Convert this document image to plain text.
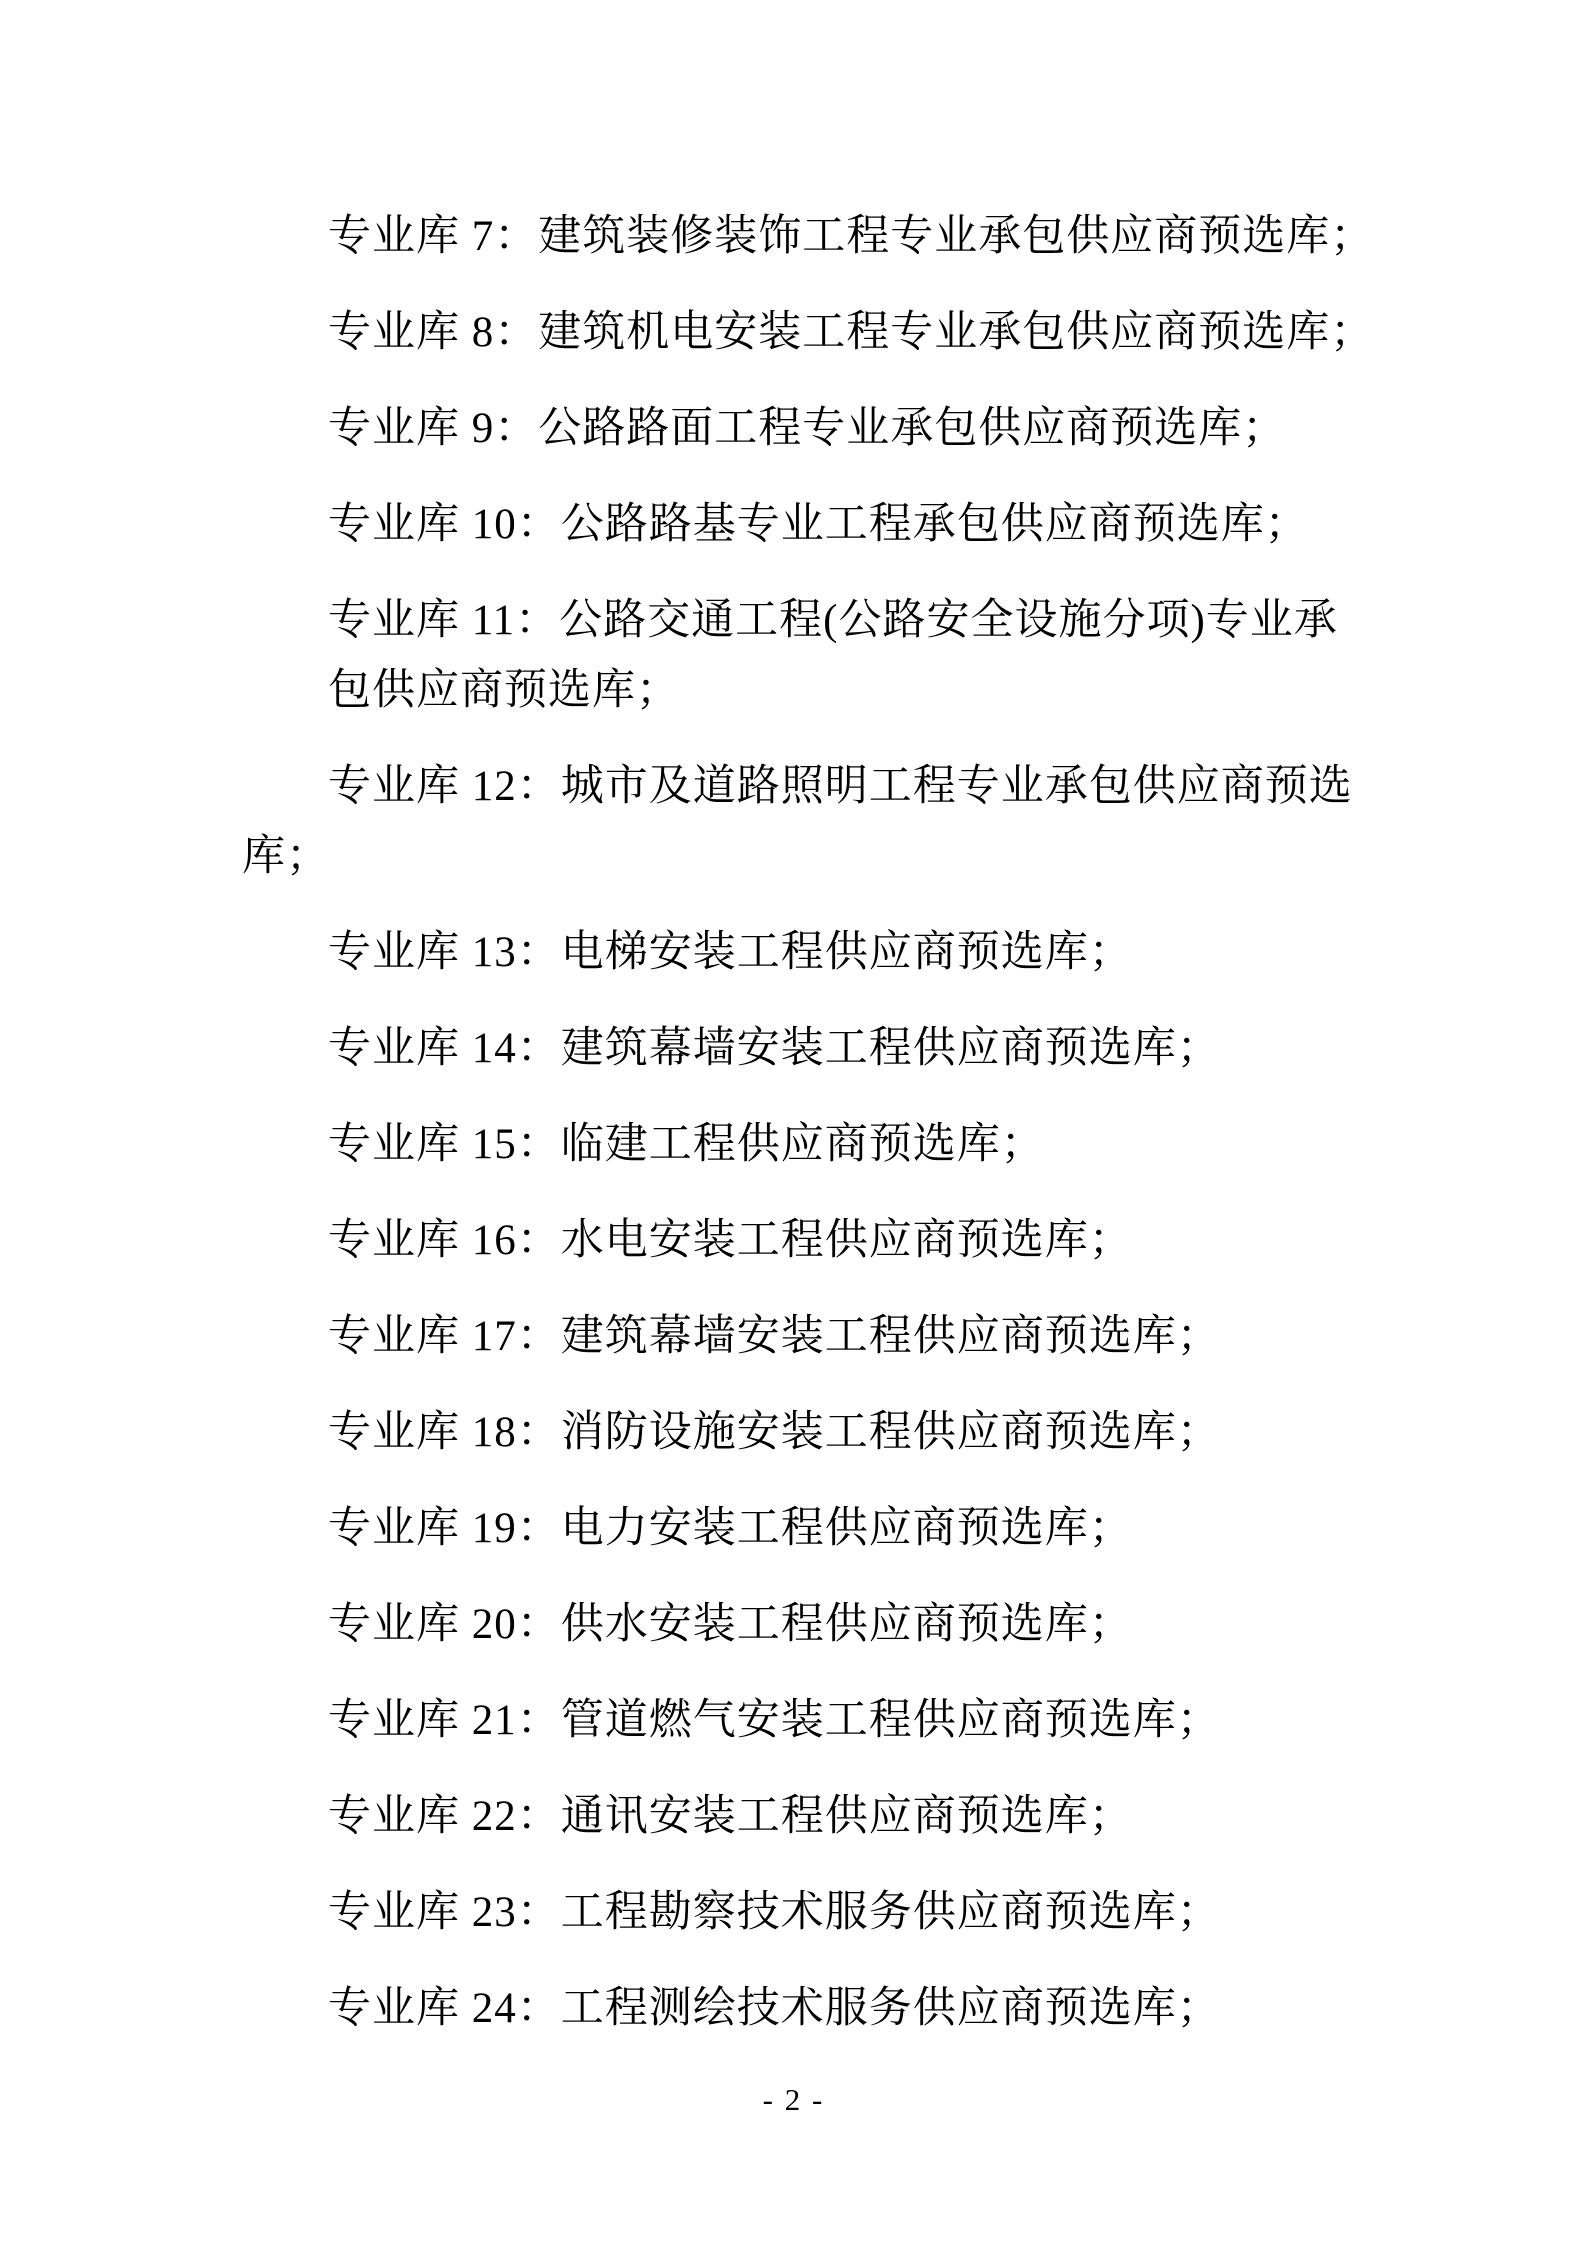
专业库 7：建筑装修装饰工程专业承包供应商预选库；
专业库 8：建筑机电安装工程专业承包供应商预选库；
专业库 9：公路路面工程专业承包供应商预选库；
专业库 10：公路路基专业工程承包供应商预选库；
专业库 11：公路交通工程(公路安全设施分项)专业承
包供应商预选库；
专业库 12：城市及道路照明工程专业承包供应商预选
库；
专业库 13：电梯安装工程供应商预选库；
专业库 14：建筑幕墙安装工程供应商预选库；
专业库 15：临建工程供应商预选库；
专业库 16：水电安装工程供应商预选库；
专业库 17：建筑幕墙安装工程供应商预选库；
专业库 18：消防设施安装工程供应商预选库；
专业库 19：电力安装工程供应商预选库；
专业库 20：供水安装工程供应商预选库；
专业库 21：管道燃气安装工程供应商预选库；
专业库 22：通讯安装工程供应商预选库；
专业库 23：工程勘察技术服务供应商预选库；
专业库 24：工程测绘技术服务供应商预选库；
- 2 -
